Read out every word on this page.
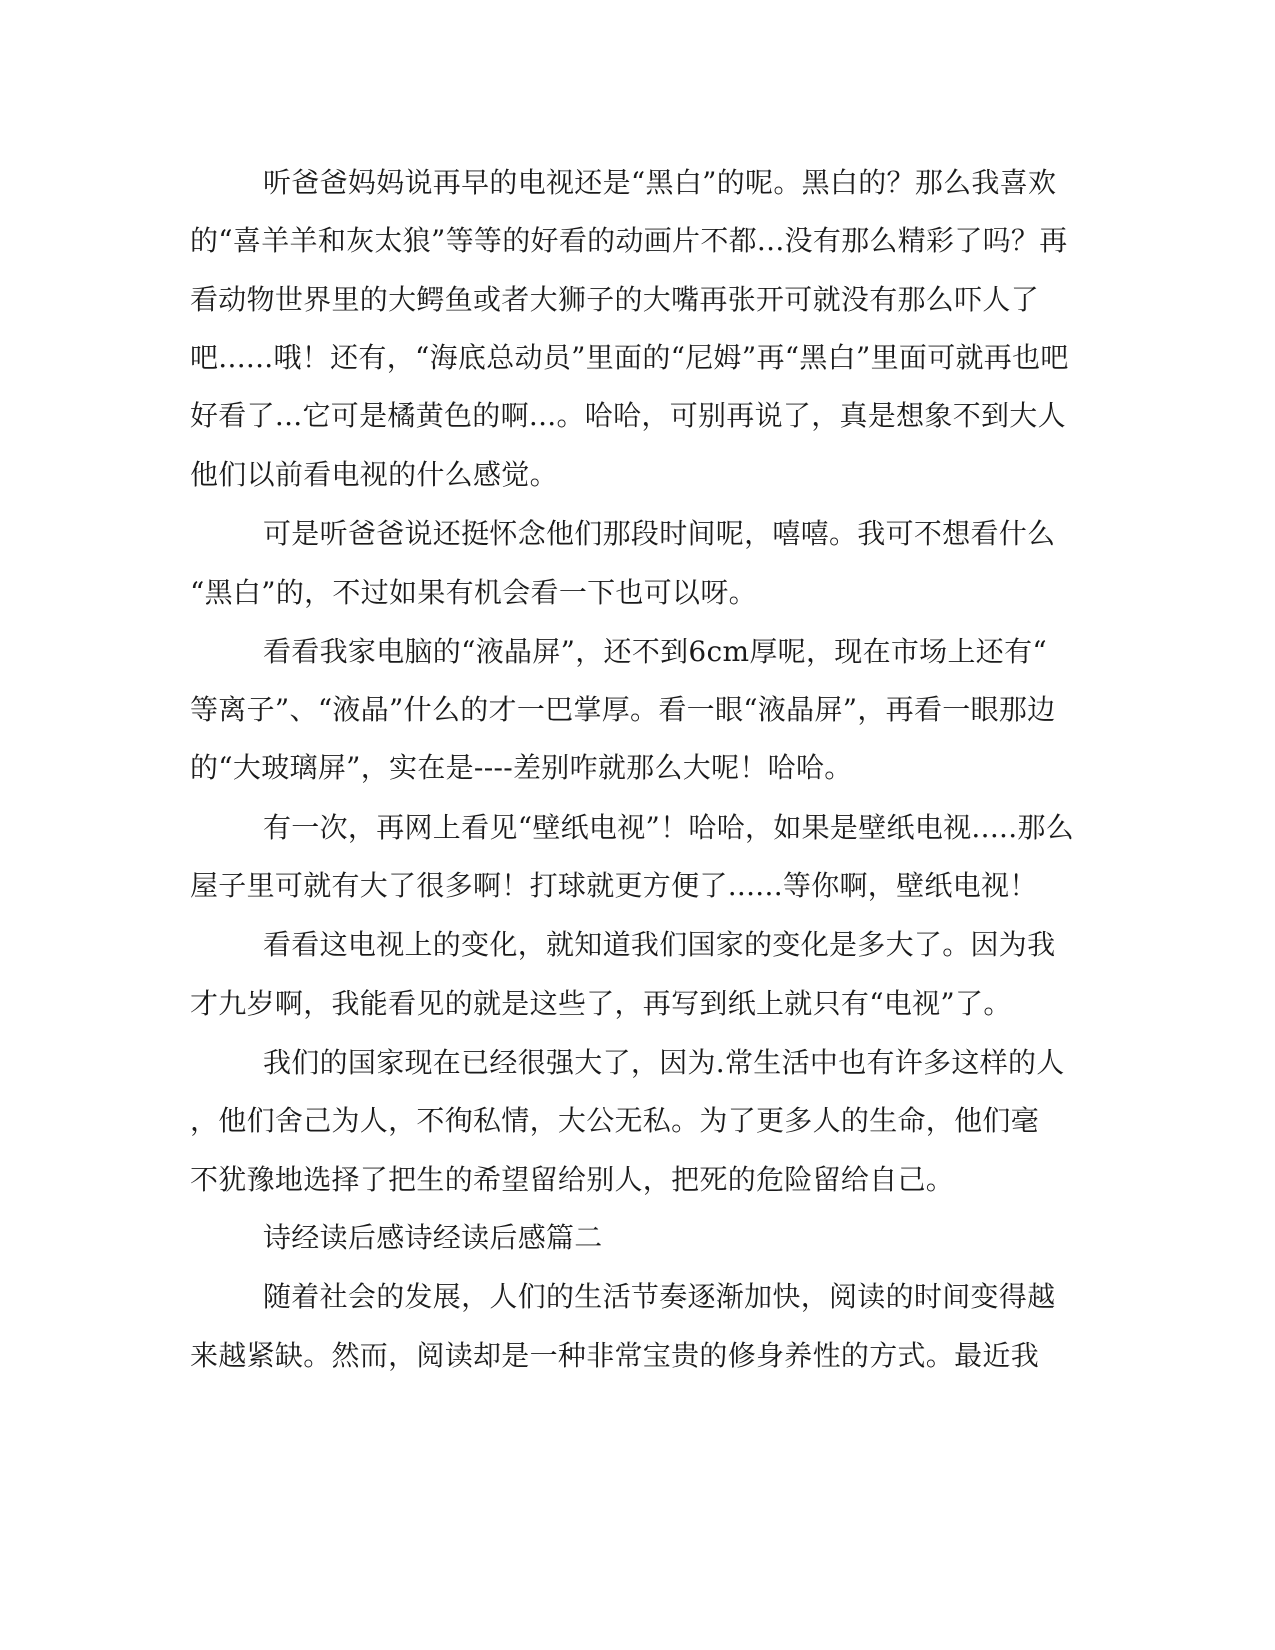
听爸爸妈妈说再早的电视还是“黑白”的呢。黑白的？那么我喜欢
的“喜羊羊和灰太狼”等等的好看的动画片不都...没有那么精彩了吗？再
看动物世界里的大鳄鱼或者大狮子的大嘴再张开可就没有那么吓人了
吧......哦！还有，“海底总动员”里面的“尼姆”再“黑白”里面可就再也吧
好看了...它可是橘黄色的啊...。哈哈，可别再说了，真是想象不到大人
他们以前看电视的什么感觉。
可是听爸爸说还挺怀念他们那段时间呢，嘻嘻。我可不想看什么
“黑白”的，不过如果有机会看一下也可以呀。
看看我家电脑的“液晶屏”，还不到6cm厚呢，现在市场上还有“
等离子”、“液晶”什么的才一巴掌厚。看一眼“液晶屏”，再看一眼那边
的“大玻璃屏”，实在是----差别咋就那么大呢！哈哈。
有一次，再网上看见“壁纸电视”！哈哈，如果是壁纸电视.....那么
屋子里可就有大了很多啊！打球就更方便了......等你啊，壁纸电视！
看看这电视上的变化，就知道我们国家的变化是多大了。因为我
才九岁啊，我能看见的就是这些了，再写到纸上就只有“电视”了。
我们的国家现在已经很强大了，因为.常生活中也有许多这样的人
，他们舍己为人，不徇私情，大公无私。为了更多人的生命，他们毫
不犹豫地选择了把生的希望留给别人，把死的危险留给自己。
诗经读后感诗经读后感篇二
随着社会的发展，人们的生活节奏逐渐加快，阅读的时间变得越
来越紧缺。然而，阅读却是一种非常宝贵的修身养性的方式。最近我
